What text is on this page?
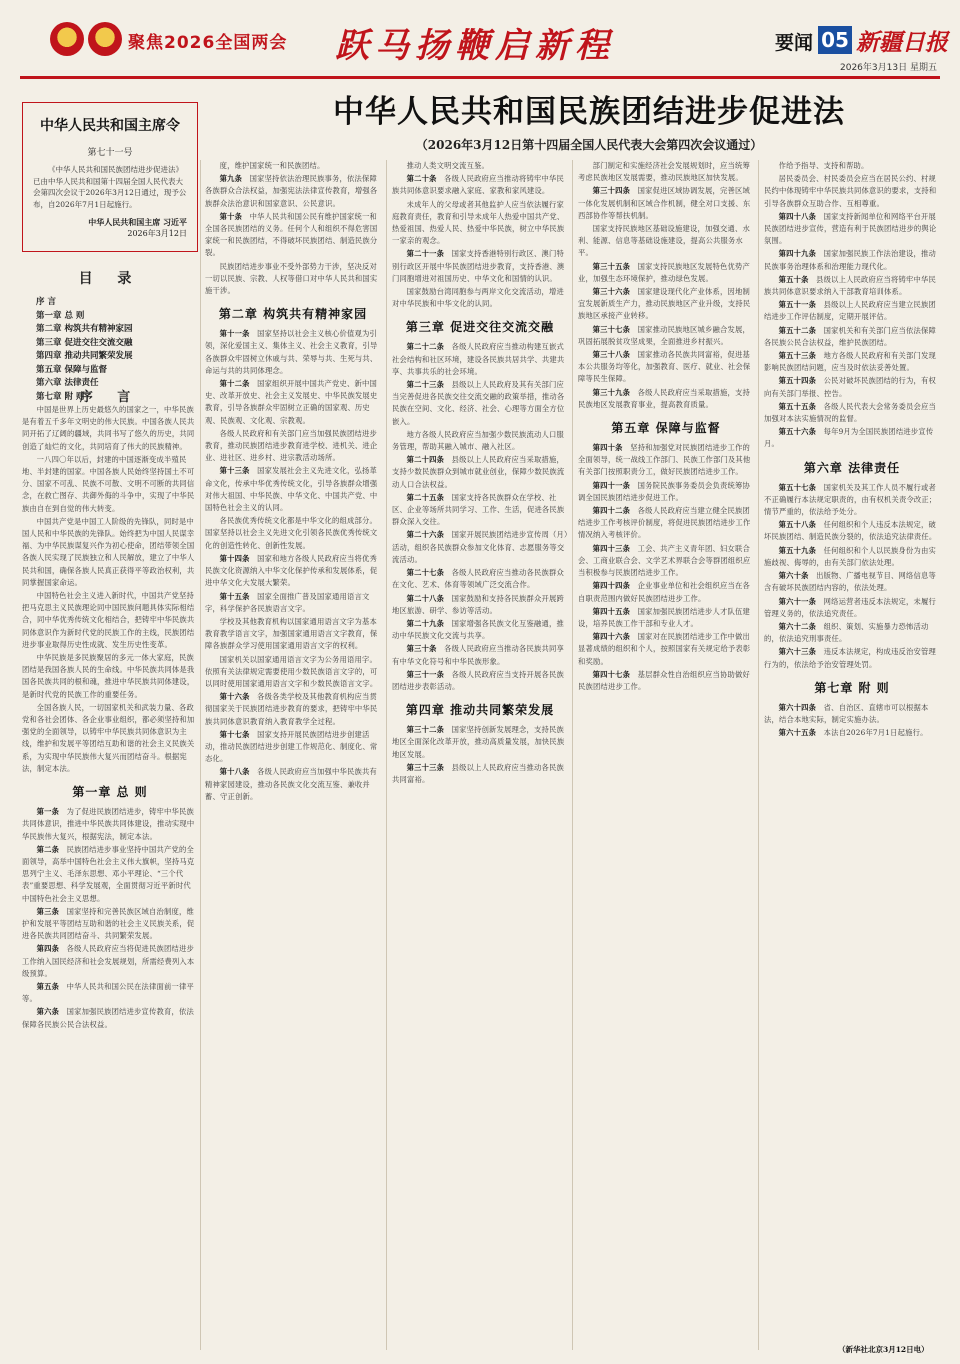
聚焦2026全国两会 跃马扬鞭启新程	要闻 05 新疆日报
2026年3月13日 星期五
中华人民共和国主席令
第七十一号
《中华人民共和国民族团结进步促进法》已由中华人民共和国第十四届全国人民代表大会第四次会议于2026年3月12日通过，现予公布，自2026年7月1日起施行。
中华人民共和国主席 习近平
2026年3月12日
中华人民共和国民族团结进步促进法
（2026年3月12日第十四届全国人民代表大会第四次会议通过）
目 录
序 言
第一章 总 则
第二章 构筑共有精神家园
第三章 促进交往交流交融
第四章 推动共同繁荣发展
第五章 保障与监督
第六章 法律责任
第七章 附 则
序 言
中国是世界上历史最悠久的国家之一，中华民族是有着五千多年文明史的伟大民族。中国各族人民共同开拓了辽阔的疆域，共同书写了悠久的历史，共同创造了灿烂的文化，共同培育了伟大的民族精神。
一八四〇年以后，封建的中国逐渐变成半殖民地、半封建的国家。中国各族人民始终坚持国土不可分、国家不可乱、民族不可散、文明不可断的共同信念，在救亡图存、共御外侮的斗争中，实现了中华民族由自在到自觉的伟大转变。
中国共产党是中国工人阶级的先锋队，同时是中国人民和中华民族的先锋队。始终把为中国人民谋幸福、为中华民族谋复兴作为初心使命，团结带领全国各族人民实现了民族独立和人民解放，建立了中华人民共和国，确保各族人民真正获得平等政治权利，共同掌握国家命运。
中国特色社会主义进入新时代，中国共产党坚持把马克思主义民族理论同中国民族问题具体实际相结合，同中华优秀传统文化相结合，把铸牢中华民族共同体意识作为新时代党的民族工作的主线，民族团结进步事业取得历史性成就、发生历史性变革。
中华民族是多民族聚居的多元一体大家庭，民族团结是我国各族人民的生命线。中华民族共同体是我国各民族共同的根和魂，推进中华民族共同体建设，是新时代党的民族工作的重要任务。
全国各族人民，一切国家机关和武装力量、各政党和各社会团体、各企业事业组织，都必须坚持和加强党的全面领导，以铸牢中华民族共同体意识为主线，维护和发展平等团结互助和谐的社会主义民族关系，为实现中华民族伟大复兴而团结奋斗。根据宪法，制定本法。
第一章 总 则
第一条　为了促进民族团结进步，铸牢中华民族共同体意识，推进中华民族共同体建设，推动实现中华民族伟大复兴，根据宪法，制定本法。
第二条　民族团结进步事业坚持中国共产党的全面领导，高举中国特色社会主义伟大旗帜，坚持马克思列宁主义、毛泽东思想、邓小平理论、“三个代表”重要思想、科学发展观，全面贯彻习近平新时代中国特色社会主义思想。
第三条　国家坚持和完善民族区域自治制度，维护和发展平等团结互助和谐的社会主义民族关系，促进各民族共同团结奋斗、共同繁荣发展。
第四条　各级人民政府应当将促进民族团结进步工作纳入国民经济和社会发展规划，所需经费列入本级预算。
第五条　中华人民共和国公民在法律面前一律平等。
第六条　国家加强民族团结进步宣传教育，依法保障各民族公民合法权益。
度，维护国家统一和民族团结。
第九条　国家坚持依法治理民族事务，依法保障各族群众合法权益，加强宪法法律宣传教育，增强各族群众法治意识和国家意识、公民意识。
第十条　中华人民共和国公民有维护国家统一和全国各民族团结的义务。任何个人和组织不得危害国家统一和民族团结，不得破坏民族团结、制造民族分裂。
民族团结进步事业不受外部势力干涉，坚决反对一切以民族、宗教、人权等借口对中华人民共和国实施干涉。
第二章 构筑共有精神家园
第十一条　国家坚持以社会主义核心价值观为引领，深化爱国主义、集体主义、社会主义教育，引导各族群众牢固树立休戚与共、荣辱与共、生死与共、命运与共的共同体理念。
第十二条　国家组织开展中国共产党史、新中国史、改革开放史、社会主义发展史、中华民族发展史教育，引导各族群众牢固树立正确的国家观、历史观、民族观、文化观、宗教观。
各级人民政府和有关部门应当加强民族团结进步教育，推动民族团结进步教育进学校、进机关、进企业、进社区、进乡村、进宗教活动场所。
第十三条　国家发展社会主义先进文化，弘扬革命文化，传承中华优秀传统文化，引导各族群众增强对伟大祖国、中华民族、中华文化、中国共产党、中国特色社会主义的认同。
各民族优秀传统文化都是中华文化的组成部分。国家坚持以社会主义先进文化引领各民族优秀传统文化的创造性转化、创新性发展。
第十四条　国家和地方各级人民政府应当将优秀民族文化资源纳入中华文化保护传承和发展体系，促进中华文化大发展大繁荣。
第十五条　国家全面推广普及国家通用语言文字，科学保护各民族语言文字。
学校及其他教育机构以国家通用语言文字为基本教育教学语言文字，加强国家通用语言文字教育，保障各族群众学习使用国家通用语言文字的权利。
国家机关以国家通用语言文字为公务用语用字。依照有关法律规定需要使用少数民族语言文字的，可以同时使用国家通用语言文字和少数民族语言文字。
第十六条　各级各类学校及其他教育机构应当贯彻国家关于民族团结进步教育的要求，把铸牢中华民族共同体意识教育纳入教育教学全过程。
第十七条　国家支持开展民族团结进步创建活动，推动民族团结进步创建工作规范化、制度化、常态化。
第十八条　各级人民政府应当加强中华民族共有精神家园建设，推动各民族文化交流互鉴、兼收并蓄、守正创新。
推动人类文明交流互鉴。
第二十条　各级人民政府应当推动将铸牢中华民族共同体意识要求融入家庭、家教和家风建设。
未成年人的父母或者其他监护人应当依法履行家庭教育责任，教育和引导未成年人热爱中国共产党、热爱祖国、热爱人民、热爱中华民族，树立中华民族一家亲的观念。
第二十一条　国家支持香港特别行政区、澳门特别行政区开展中华民族团结进步教育，支持香港、澳门同胞增进对祖国历史、中华文化和国情的认识。
国家鼓励台湾同胞参与两岸文化交流活动，增进对中华民族和中华文化的认同。
第三章 促进交往交流交融
第二十二条　各级人民政府应当推动构建互嵌式社会结构和社区环境，建设各民族共居共学、共建共享、共事共乐的社会环境。
第二十三条　县级以上人民政府及其有关部门应当完善促进各民族交往交流交融的政策举措，推动各民族在空间、文化、经济、社会、心理等方面全方位嵌入。
地方各级人民政府应当加强少数民族流动人口服务管理，帮助其融入城市、融入社区。
第二十四条　县级以上人民政府应当采取措施，支持少数民族群众到城市就业创业，保障少数民族流动人口合法权益。
第二十五条　国家支持各民族群众在学校、社区、企业等场所共同学习、工作、生活，促进各民族群众深入交往。
第二十六条　国家开展民族团结进步宣传周（月）活动，组织各民族群众参加文化体育、志愿服务等交流活动。
第二十七条　各级人民政府应当推动各民族群众在文化、艺术、体育等领域广泛交流合作。
第二十八条　国家鼓励和支持各民族群众开展跨地区旅游、研学、参访等活动。
第二十九条　国家增强各民族文化互鉴融通，推动中华民族文化交流与共享。
第三十条　各级人民政府应当推动各民族共同享有中华文化符号和中华民族形象。
第三十一条　各级人民政府应当支持开展各民族团结进步表彰活动。
第四章 推动共同繁荣发展
第三十二条　国家坚持创新发展理念，支持民族地区全面深化改革开放，推动高质量发展，加快民族地区发展。
第三十三条　县级以上人民政府应当推动各民族共同富裕。
部门制定和实施经济社会发展规划时，应当统筹考虑民族地区发展需要，推动民族地区加快发展。
第三十四条　国家促进区域协调发展，完善区域一体化发展机制和区域合作机制，健全对口支援、东西部协作等帮扶机制。
国家支持民族地区基础设施建设，加强交通、水利、能源、信息等基础设施建设，提高公共服务水平。
第三十五条　国家支持民族地区发展特色优势产业，加强生态环境保护，推动绿色发展。
第三十六条　国家建设现代化产业体系，因地制宜发展新质生产力，推动民族地区产业升级，支持民族地区承接产业转移。
第三十七条　国家推动民族地区城乡融合发展，巩固拓展脱贫攻坚成果，全面推进乡村振兴。
第三十八条　国家推动各民族共同富裕，促进基本公共服务均等化，加强教育、医疗、就业、社会保障等民生保障。
第三十九条　各级人民政府应当采取措施，支持民族地区发展教育事业，提高教育质量。
第五章 保障与监督
第四十条　坚持和加强党对民族团结进步工作的全面领导，统一战线工作部门、民族工作部门及其他有关部门按照职责分工，做好民族团结进步工作。
第四十一条　国务院民族事务委员会负责统筹协调全国民族团结进步促进工作。
第四十二条　各级人民政府应当建立健全民族团结进步工作考核评价制度，将促进民族团结进步工作情况纳入考核评价。
第四十三条　工会、共产主义青年团、妇女联合会、工商业联合会、文学艺术界联合会等群团组织应当积极参与民族团结进步工作。
第四十四条　企业事业单位和社会组织应当在各自职责范围内做好民族团结进步工作。
第四十五条　国家加强民族团结进步人才队伍建设，培养民族工作干部和专业人才。
第四十六条　国家对在民族团结进步工作中做出显著成绩的组织和个人，按照国家有关规定给予表彰和奖励。
第四十七条　基层群众性自治组织应当协助做好民族团结进步工作。
作给予指导、支持和帮助。
居民委员会、村民委员会应当在居民公约、村规民约中体现铸牢中华民族共同体意识的要求，支持和引导各族群众互助合作、互相尊重。
第四十八条　国家支持新闻单位和网络平台开展民族团结进步宣传，营造有利于民族团结进步的舆论氛围。
第四十九条　国家加强民族工作法治建设，推动民族事务治理体系和治理能力现代化。
第五十条　县级以上人民政府应当将铸牢中华民族共同体意识要求纳入干部教育培训体系。
第五十一条　县级以上人民政府应当建立民族团结进步工作评估制度，定期开展评估。
第五十二条　国家机关和有关部门应当依法保障各民族公民合法权益，维护民族团结。
第五十三条　地方各级人民政府和有关部门发现影响民族团结问题，应当及时依法妥善处置。
第五十四条　公民对破坏民族团结的行为，有权向有关部门举报、控告。
第五十五条　各级人民代表大会常务委员会应当加强对本法实施情况的监督。
第五十六条　每年9月为全国民族团结进步宣传月。
第六章 法律责任
第五十七条　国家机关及其工作人员不履行或者不正确履行本法规定职责的，由有权机关责令改正；情节严重的，依法给予处分。
第五十八条　任何组织和个人违反本法规定，破坏民族团结、制造民族分裂的，依法追究法律责任。
第五十九条　任何组织和个人以民族身份为由实施歧视、侮辱的，由有关部门依法处理。
第六十条　出版物、广播电视节目、网络信息等含有破坏民族团结内容的，依法处理。
第六十一条　网络运营者违反本法规定，未履行管理义务的，依法追究责任。
第六十二条　组织、策划、实施暴力恐怖活动的，依法追究刑事责任。
第六十三条　违反本法规定，构成违反治安管理行为的，依法给予治安管理处罚。
第七章 附 则
第六十四条　省、自治区、直辖市可以根据本法，结合本地实际，制定实施办法。
第六十五条　本法自2026年7月1日起施行。
（新华社北京3月12日电）
